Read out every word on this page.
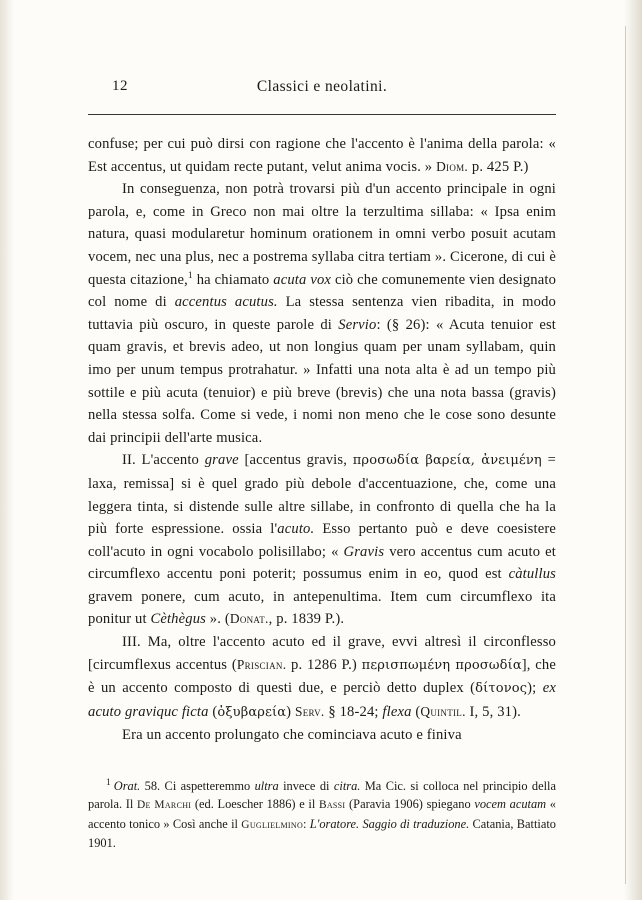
12	Classici e neolatini.

confuse; per cui può dirsi con ragione che l'accento è l'anima della parola: « Est accentus, ut quidam recte putant, velut anima vocis. » Diom. p. 425 P.)

In conseguenza, non potrà trovarsi più d'un accento principale in ogni parola, e, come in Greco non mai oltre la terzultima sillaba: « Ipsa enim natura, quasi modularetur hominum orationem in omni verbo posuit acutam vocem, nec una plus, nec a postrema syllaba citra tertiam ». Cicerone, di cui è questa citazione,$^1$ ha chiamato acuta vox ciò che comunemente vien designato col nome di accentus acutus. La stessa sentenza vien ribadita, in modo tuttavia più oscuro, in queste parole di Servio: (§ 26): « Acuta tenuior est quam gravis, et brevis adeo, ut non longius quam per unam syllabam, quin imo per unum tempus protrahatur. » Infatti una nota alta è ad un tempo più sottile e più acuta (tenuior) e più breve (brevis) che una nota bassa (gravis) nella stessa solfa. Come si vede, i nomi non meno che le cose sono desunte dai principii dell'arte musica.

II. L'accento grave [accentus gravis, προσωδία βαρεία, ἀνειμένη = laxa, remissa] si è quel grado più debole d'accentuazione, che, come una leggera tinta, si distende sulle altre sillabe, in confronto di quella che ha la più forte espressione. ossia l'acuto. Esso pertanto può e deve coesistere coll'acuto in ogni vocabolo polisillabo; « Gravis vero accentus cum acuto et circumflexo accentu poni poterit; possumus enim in eo, quod est càtullus gravem ponere, cum acuto, in antepenultima. Item cum circumflexo ita ponitur ut Cèthègus ». (Donat., p. 1839 P.).

III. Ma, oltre l'accento acuto ed il grave, evvi altresì il circonflesso [circumflexus accentus (Priscian. p. 1286 P.) περισπωμένη προσωδία], che è un accento composto di questi due, e perciò detto duplex (δίτονος); ex acuto graviquc ficta (ὀξυβαρεία) Serv. § 18-24; flexa (Quintil. I, 5, 31).

Era un accento prolungato che cominciava acuto e finiva

$^1$ Orat. 58. Ci aspetteremmo ultra invece di citra. Ma Cic. si colloca nel principio della parola. Il De Marchi (ed. Loescher 1886) e il Bassi (Paravia 1906) spiegano vocem acutam « accento tonico » Così anche il Guglielmino: L'oratore. Saggio di traduzione. Catania, Battiato 1901.
